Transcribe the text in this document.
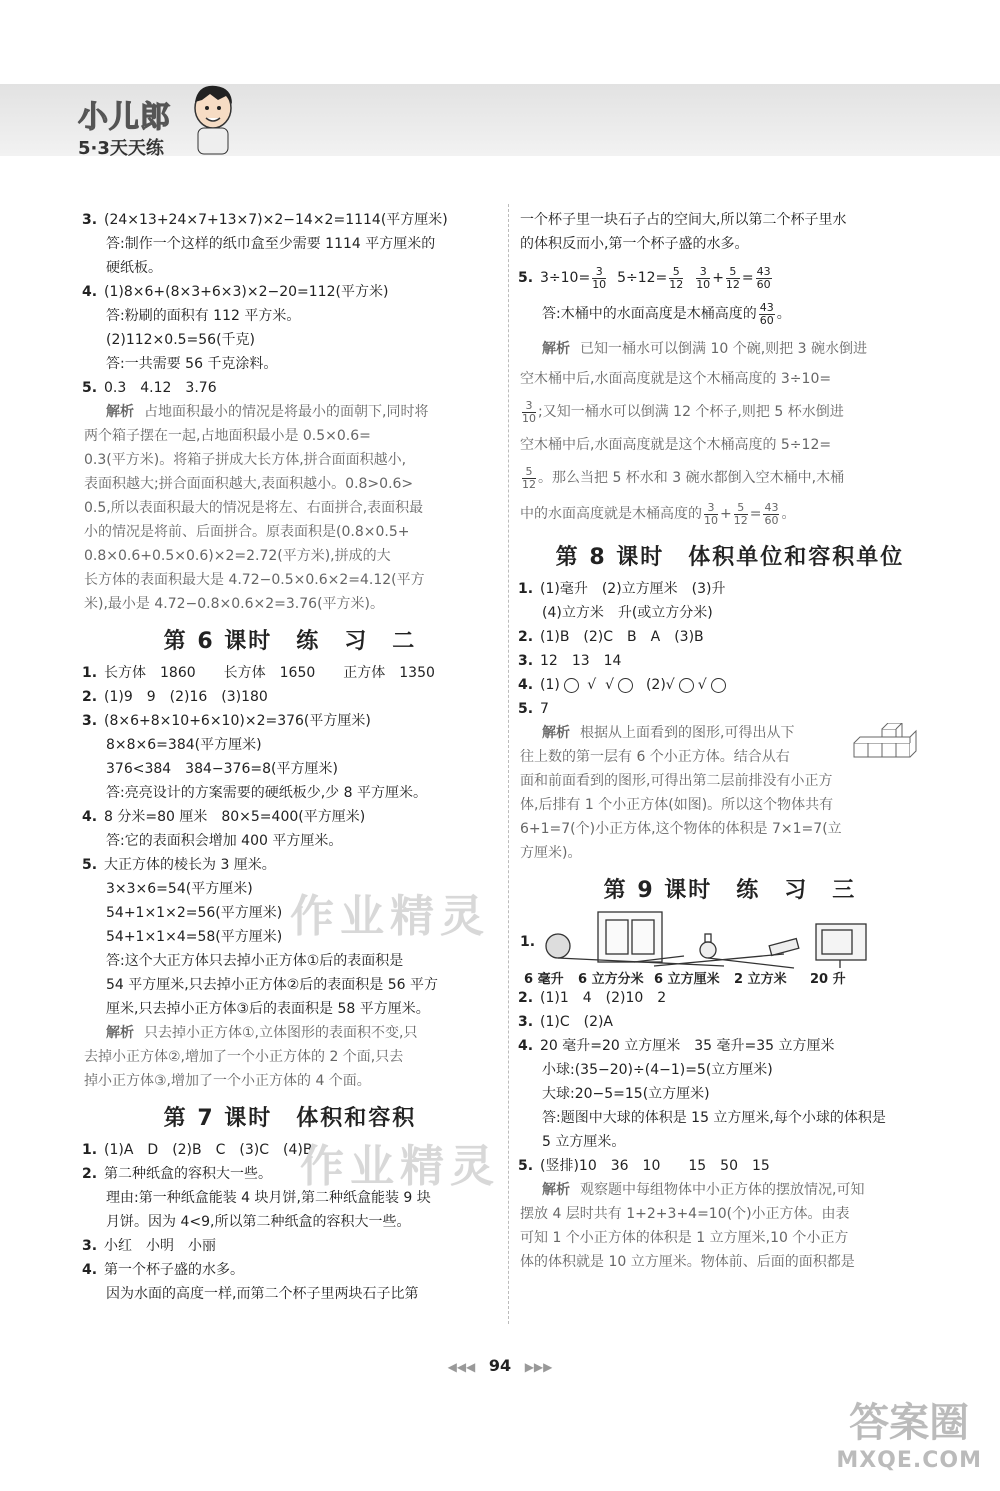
小儿郎
5·3天天练
3. (24×13+24×7+13×7)×2−14×2=1114(平方厘米)
答:制作一个这样的纸巾盒至少需要 1114 平方厘米的
硬纸板。
4. (1)8×6+(8×3+6×3)×2−20=112(平方米)
答:粉刷的面积有 112 平方米。
(2)112×0.5=56(千克)
答:一共需要 56 千克涂料。
5. 0.3　4.12　3.76
解析 占地面积最小的情况是将最小的面朝下,同时将
两个箱子摆在一起,占地面积最小是 0.5×0.6=
0.3(平方米)。将箱子拼成大长方体,拼合面面积越小,
表面积越大;拼合面面积越大,表面积越小。0.8>0.6>
0.5,所以表面积最大的情况是将左、右面拼合,表面积最
小的情况是将前、后面拼合。原表面积是(0.8×0.5+
0.8×0.6+0.5×0.6)×2=2.72(平方米),拼成的大
长方体的表面积最大是 4.72−0.5×0.6×2=4.12(平方
米),最小是 4.72−0.8×0.6×2=3.76(平方米)。
第 6 课时　练　习　二
1. 长方体　1860　　长方体　1650　　正方体　1350
2. (1)9　9　(2)16　(3)180
3. (8×6+8×10+6×10)×2=376(平方厘米)
8×8×6=384(平方厘米)
376<384　384−376=8(平方厘米)
答:亮亮设计的方案需要的硬纸板少,少 8 平方厘米。
4. 8 分米=80 厘米　80×5=400(平方厘米)
答:它的表面积会增加 400 平方厘米。
5. 大正方体的棱长为 3 厘米。
3×3×6=54(平方厘米)
54+1×1×2=56(平方厘米)
54+1×1×4=58(平方厘米)
答:这个大正方体只去掉小正方体①后的表面积是
54 平方厘米,只去掉小正方体②后的表面积是 56 平方
厘米,只去掉小正方体③后的表面积是 58 平方厘米。
解析 只去掉小正方体①,立体图形的表面积不变,只
去掉小正方体②,增加了一个小正方体的 2 个面,只去
掉小正方体③,增加了一个小正方体的 4 个面。
第 7 课时　体积和容积
1. (1)A　D　(2)B　C　(3)C　(4)B
2. 第二种纸盒的容积大一些。
理由:第一种纸盒能装 4 块月饼,第二种纸盒能装 9 块
月饼。因为 4<9,所以第二种纸盒的容积大一些。
3. 小红　小明　小丽
4. 第一个杯子盛的水多。
因为水面的高度一样,而第二个杯子里两块石子比第
一个杯子里一块石子占的空间大,所以第二个杯子里水
的体积反而小,第一个杯子盛的水多。
5. $3\div 10= \frac{3}{10} 5\div 12= \frac{5}{12}$
$\frac{3}{10} + \frac{5}{12} = \frac{43}{60}$
答:木桶中的水面高度是木桶高度的 $\frac{43}{60}$ 。
解析 已知一桶水可以倒满 10 个碗,则把 3 碗水倒进
空木桶中后,水面高度就是这个木桶高度的 3÷10=
$\frac{3}{10}$ ;又知一桶水可以倒满 12 个杯子,则把 5 杯水倒进
空木桶中后,水面高度就是这个木桶高度的 5÷12=
$\frac{5}{12}$ 。那么当把 5 杯水和 3 碗水都倒入空木桶中,木桶
中的水面高度就是木桶高度的 $\frac{3}{10} + \frac{5}{12} = \frac{43}{60}$ 。
第 8 课时　体积单位和容积单位
1. (1)毫升　(2)立方厘米　(3)升
(4)立方米　升(或立方分米)
2. (1)B　(2)C　B　A　(3)B
3. 12　13　14
4. (1) √ √ (2)√ √
5. 7
解析 根据从上面看到的图形,可得出从下
往上数的第一层有 6 个小正方体。结合从右
面和前面看到的图形,可得出第二层前排没有小正方
体,后排有 1 个小正方体(如图)。所以这个物体共有
6+1=7(个)小正方体,这个物体的体积是 7×1=7(立
方厘米)。
第 9 课时　练　习　三
1.
6 毫升 6 立方分米 6 立方厘米 2 立方米 20 升
2. (1)1　4　(2)10　2
3. (1)C　(2)A
4. 20 毫升=20 立方厘米　35 毫升=35 立方厘米
小球:(35−20)÷(4−1)=5(立方厘米)
大球:20−5=15(立方厘米)
答:题图中大球的体积是 15 立方厘米,每个小球的体积是
5 立方厘米。
5. (竖排)10　36　10　　15　50　15
解析 观察题中每组物体中小正方体的摆放情况,可知
摆放 4 层时共有 1+2+3+4=10(个)小正方体。由表
可知 1 个小正方体的体积是 1 立方厘米,10 个小正方
体的体积就是 10 立方厘米。物体前、后面的面积都是
◀◀◀ 94 ▶▶▶
作业精灵
作业精灵
答案圈
MXQE.COM
